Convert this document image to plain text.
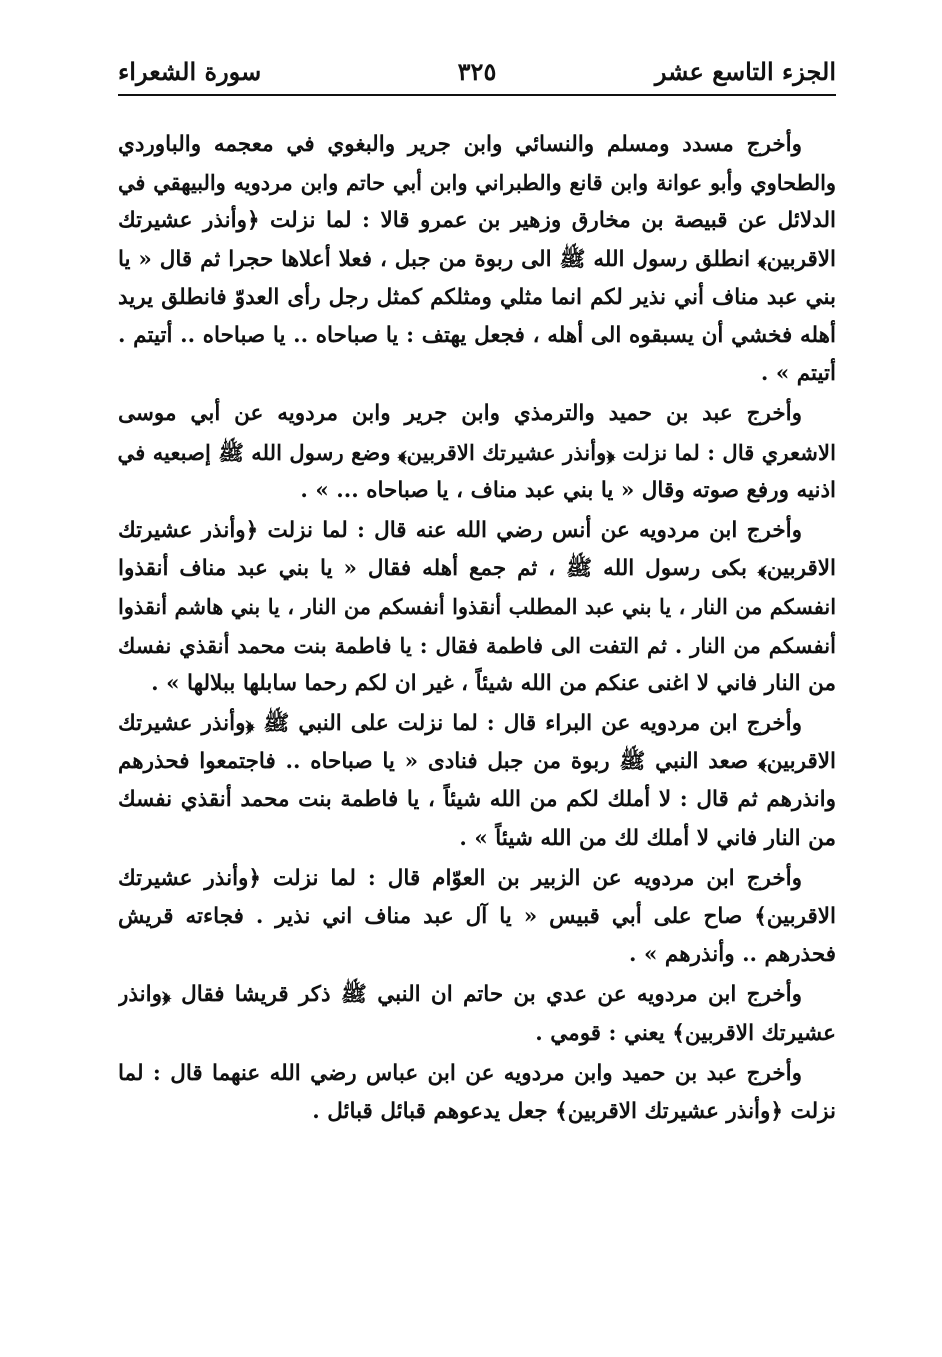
الجزء التاسع عشر
٣٢٥
سورة الشعراء
وأخرج مسدد ومسلم والنسائي وابن جرير والبغوي في معجمه والباوردي
والطحاوي وأبو عوانة وابن قانع والطبراني وابن أبي حاتم وابن مردويه والبيهقي في
الدلائل عن قبيصة بن مخارق وزهير بن عمرو قالا : لما نزلت ﴿وأنذر عشيرتك
الاقربين﴾ انطلق رسول الله ﷺ الى ربوة من جبل ، فعلا أعلاها حجرا ثم قال « يا
بني عبد مناف أني نذير لكم انما مثلي ومثلكم كمثل رجل رأى العدوّ فانطلق يريد
أهله فخشي أن يسبقوه الى أهله ، فجعل يهتف : يا صباحاه .. يا صباحاه .. أتيتم .
أتيتم » .
وأخرج عبد بن حميد والترمذي وابن جرير وابن مردويه عن أبي موسى
الاشعري قال : لما نزلت ﴿وأنذر عشيرتك الاقربين﴾ وضع رسول الله ﷺ إصبعيه في
اذنيه ورفع صوته وقال « يا بني عبد مناف ، يا صباحاه ... » .
وأخرج ابن مردويه عن أنس رضي الله عنه قال : لما نزلت ﴿وأنذر عشيرتك
الاقربين﴾ بكى رسول الله ﷺ ، ثم جمع أهله فقال « يا بني عبد مناف أنقذوا
انفسكم من النار ، يا بني عبد المطلب أنقذوا أنفسكم من النار ، يا بني هاشم أنقذوا
أنفسكم من النار . ثم التفت الى فاطمة فقال : يا فاطمة بنت محمد أنقذي نفسك
من النار فاني لا اغنى عنكم من الله شيئاً ، غير ان لكم رحما سابلها ببلالها » .
وأخرج ابن مردويه عن البراء قال : لما نزلت على النبي ﷺ ﴿وأنذر عشيرتك
الاقربين﴾ صعد النبي ﷺ ربوة من جبل فنادى « يا صباحاه .. فاجتمعوا فحذرهم
وانذرهم ثم قال : لا أملك لكم من الله شيئاً ، يا فاطمة بنت محمد أنقذي نفسك
من النار فاني لا أملك لك من الله شيئاً » .
وأخرج ابن مردويه عن الزبير بن العوّام قال : لما نزلت ﴿وأنذر عشيرتك
الاقربين﴾ صاح على أبي قبيس « يا آل عبد مناف اني نذير . فجاءته قريش
فحذرهم .. وأنذرهم » .
وأخرج ابن مردويه عن عدي بن حاتم ان النبي ﷺ ذكر قريشا فقال ﴿وانذر
عشيرتك الاقربين﴾ يعني : قومي .
وأخرج عبد بن حميد وابن مردويه عن ابن عباس رضي الله عنهما قال : لما
نزلت ﴿وأنذر عشيرتك الاقربين﴾ جعل يدعوهم قبائل قبائل .
